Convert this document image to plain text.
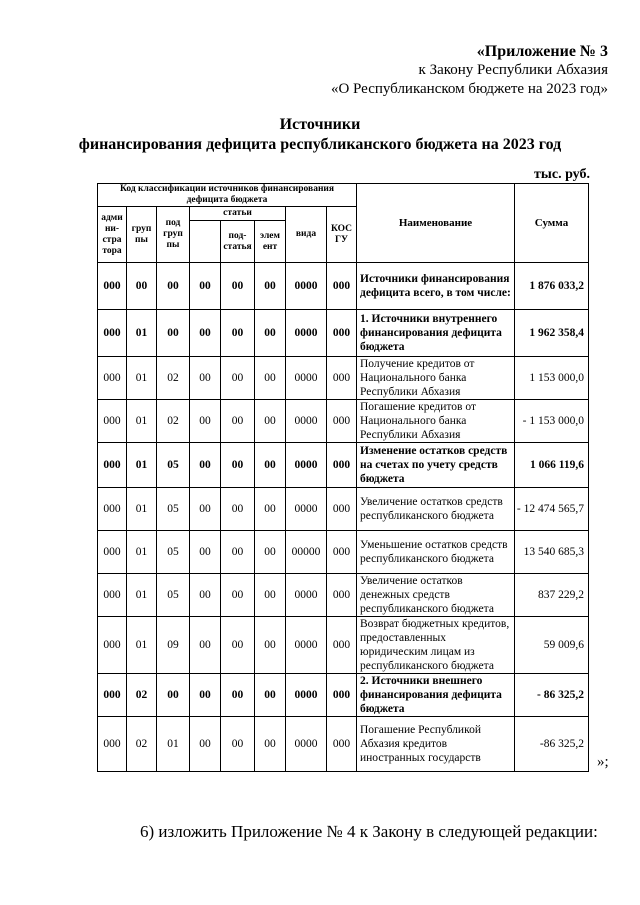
«Приложение № 3
к Закону Республики Абхазия
«О Республиканском бюджете на 2023 год»
Источники
финансирования дефицита республиканского бюджета на 2023 год
тыс. руб.
Код классификации источников финансирования дефицита бюджета								Наименование	Сумма
адми ни- стра тора	груп пы	под груп пы	статьи			вида	КОС ГУ		
				под- статья	элем ент				
000	00	00	00	00	00	0000	000	Источники финансирования дефицита всего, в том числе:	1 876 033,2
000	01	00	00	00	00	0000	000	1. Источники внутреннего финансирования дефицита бюджета	1 962 358,4
000	01	02	00	00	00	0000	000	Получение кредитов от Национального банка Республики Абхазия	1 153 000,0
000	01	02	00	00	00	0000	000	Погашение кредитов от Национального банка Республики Абхазия	- 1 153 000,0
000	01	05	00	00	00	0000	000	Изменение остатков средств на счетах по учету средств бюджета	1 066 119,6
000	01	05	00	00	00	0000	000	Увеличение остатков средств республиканского бюджета	- 12 474 565,7
000	01	05	00	00	00	00000	000	Уменьшение остатков средств республиканского бюджета	13 540 685,3
000	01	05	00	00	00	0000	000	Увеличение остатков денежных средств республиканского бюджета	837 229,2
000	01	09	00	00	00	0000	000	Возврат бюджетных кредитов, предоставленных юридическим лицам из республиканского бюджета	59 009,6
000	02	00	00	00	00	0000	000	2. Источники внешнего финансирования дефицита бюджета	- 86 325,2
000	02	01	00	00	00	0000	000	Погашение Республикой Абхазия кредитов иностранных государств	-86 325,2
»;
6) изложить Приложение № 4 к Закону в следующей редакции:
